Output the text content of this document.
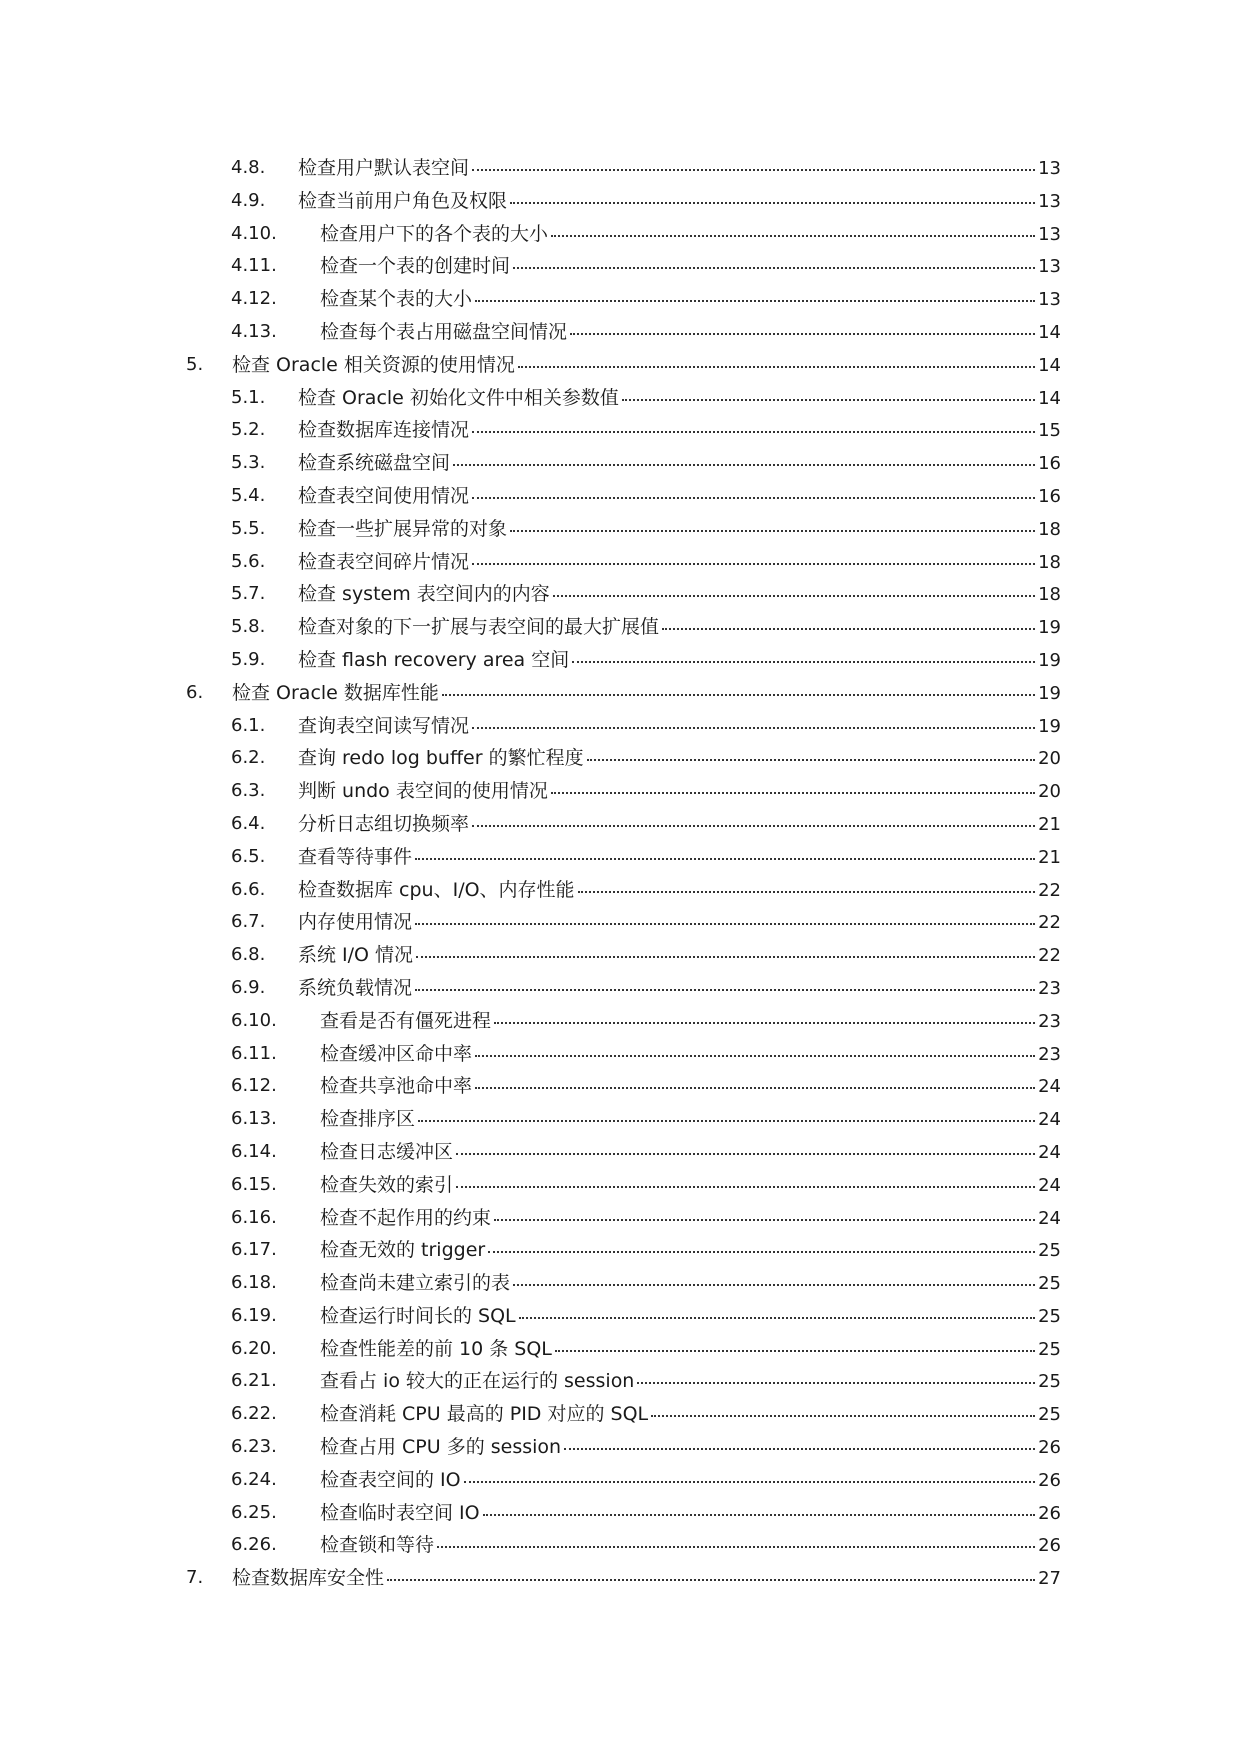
4.8. 检查用户默认表空间	13
4.9. 检查当前用户角色及权限	13
4.10. 检查用户下的各个表的大小	13
4.11. 检查一个表的创建时间	13
4.12. 检查某个表的大小	13
4.13. 检查每个表占用磁盘空间情况	14
5. 检查 Oracle 相关资源的使用情况	14
5.1. 检查 Oracle 初始化文件中相关参数值	14
5.2. 检查数据库连接情况	15
5.3. 检查系统磁盘空间	16
5.4. 检查表空间使用情况	16
5.5. 检查一些扩展异常的对象	18
5.6. 检查表空间碎片情况	18
5.7. 检查 system 表空间内的内容	18
5.8. 检查对象的下一扩展与表空间的最大扩展值	19
5.9. 检查 flash recovery area 空间	19
6. 检查 Oracle 数据库性能	19
6.1. 查询表空间读写情况	19
6.2. 查询 redo log buffer 的繁忙程度	20
6.3. 判断 undo 表空间的使用情况	20
6.4. 分析日志组切换频率	21
6.5. 查看等待事件	21
6.6. 检查数据库 cpu、I/O、内存性能	22
6.7. 内存使用情况	22
6.8. 系统 I/O 情况	22
6.9. 系统负载情况	23
6.10. 查看是否有僵死进程	23
6.11. 检查缓冲区命中率	23
6.12. 检查共享池命中率	24
6.13. 检查排序区	24
6.14. 检查日志缓冲区	24
6.15. 检查失效的索引	24
6.16. 检查不起作用的约束	24
6.17. 检查无效的 trigger	25
6.18. 检查尚未建立索引的表	25
6.19. 检查运行时间长的 SQL	25
6.20. 检查性能差的前 10 条 SQL	25
6.21. 查看占 io 较大的正在运行的 session	25
6.22. 检查消耗 CPU 最高的 PID 对应的 SQL	25
6.23. 检查占用 CPU 多的 session	26
6.24. 检查表空间的 IO	26
6.25. 检查临时表空间 IO	26
6.26. 检查锁和等待	26
7. 检查数据库安全性	27
